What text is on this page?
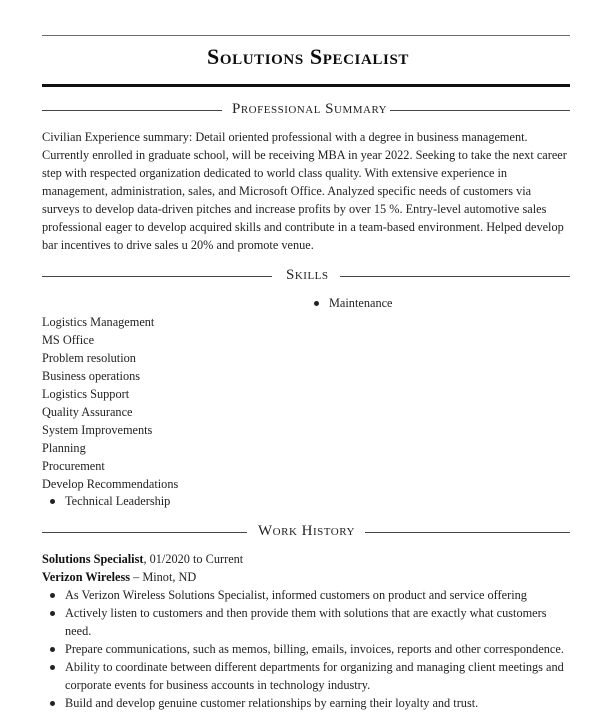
Solutions Specialist
Professional Summary
Civilian Experience summary: Detail oriented professional with a degree in business management. Currently enrolled in graduate school, will be receiving MBA in year 2022. Seeking to take the next career step with respected organization dedicated to world class quality. With extensive experience in management, administration, sales, and Microsoft Office. Analyzed specific needs of customers via surveys to develop data-driven pitches and increase profits by over 15 %. Entry-level automotive sales professional eager to develop acquired skills and contribute in a team-based environment. Helped develop bar incentives to drive sales u 20% and promote venue.
Skills
Maintenance
Logistics Management
MS Office
Problem resolution
Business operations
Logistics Support
Quality Assurance
System Improvements
Planning
Procurement
Develop Recommendations
Technical Leadership
Work History
Solutions Specialist, 01/2020 to Current
Verizon Wireless – Minot, ND
As Verizon Wireless Solutions Specialist, informed customers on product and service offering
Actively listen to customers and then provide them with solutions that are exactly what customers need.
Prepare communications, such as memos, billing, emails, invoices, reports and other correspondence.
Ability to coordinate between different departments for organizing and managing client meetings and corporate events for business accounts in technology industry.
Build and develop genuine customer relationships by earning their loyalty and trust.
